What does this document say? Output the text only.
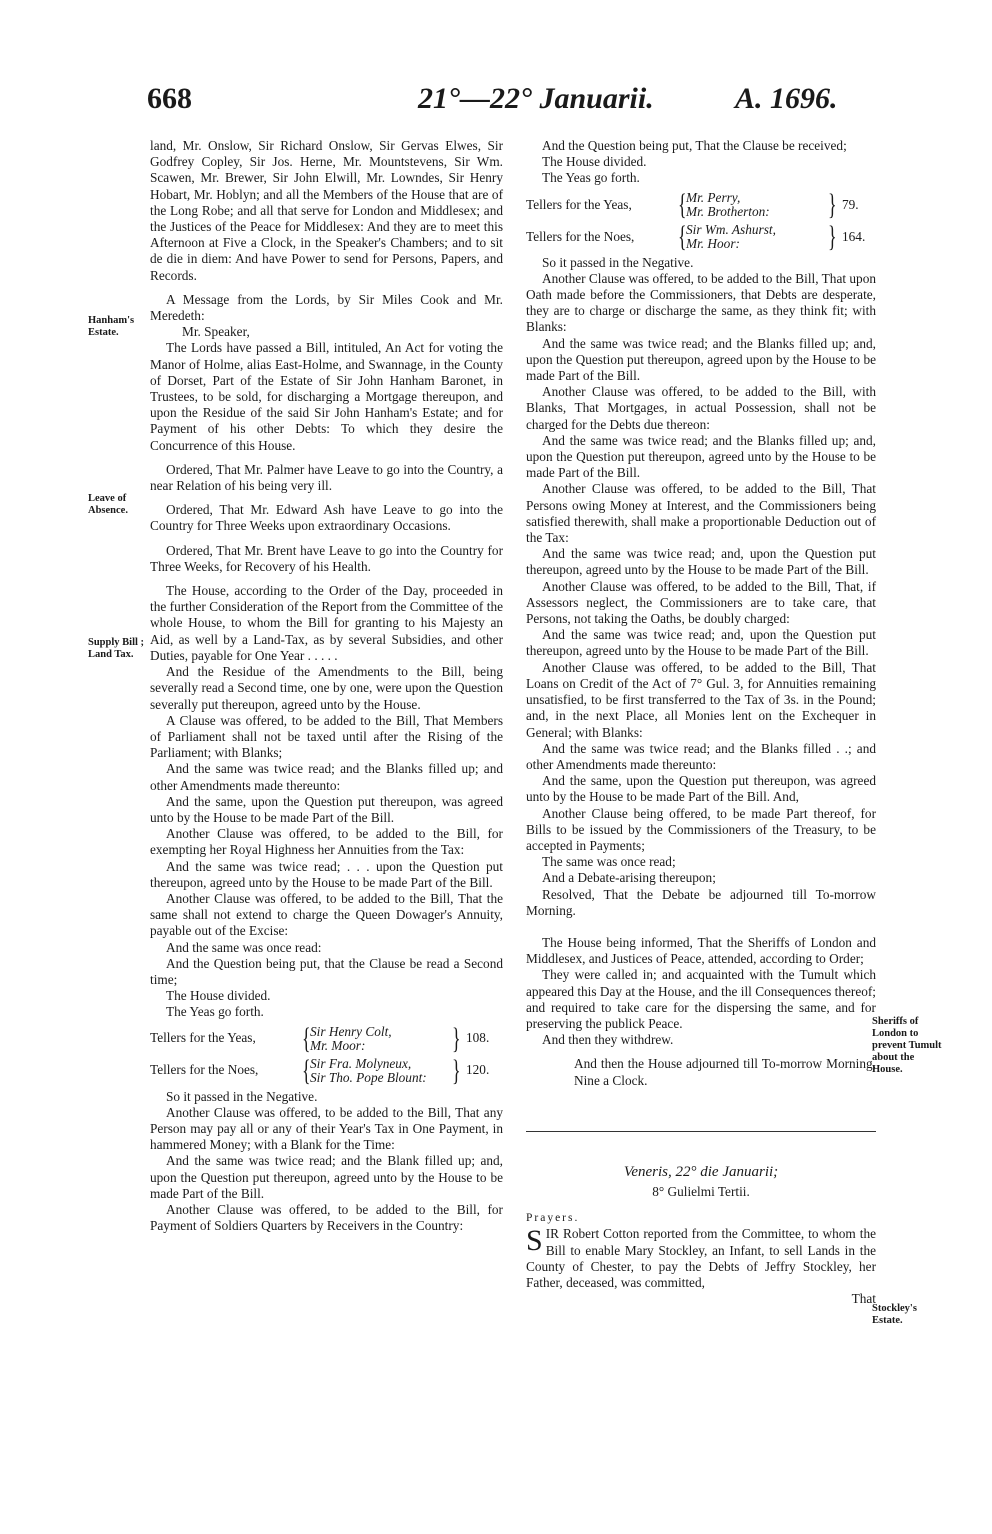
668	21°—22° Januarii.	A. 1696.
Hanham's Estate.
Leave of Absence.
Supply Bill ; Land Tax.
Sheriffs of London to prevent Tumult about the House.
Stockley's Estate.

land, Mr. Onslow, Sir Richard Onslow, Sir Gervas Elwes, Sir Godfrey Copley, Sir Jos. Herne, Mr. Mountstevens, Sir Wm. Scawen, Mr. Brewer, Sir John Elwill, Mr. Lowndes, Sir Henry Hobart, Mr. Hoblyn; and all the Members of the House that are of the Long Robe; and all that serve for London and Middlesex; and the Justices of the Peace for Middlesex: And they are to meet this Afternoon at Five a Clock, in the Speaker's Chambers; and to sit de die in diem: And have Power to send for Persons, Papers, and Records.

A Message from the Lords, by Sir Miles Cook and Mr. Meredeth:

Mr. Speaker,

The Lords have passed a Bill, intituled, An Act for voting the Manor of Holme, alias East-Holme, and Swannage, in the County of Dorset, Part of the Estate of Sir John Hanham Baronet, in Trustees, to be sold, for discharging a Mortgage thereupon, and upon the Residue of the said Sir John Hanham's Estate; and for Payment of his other Debts: To which they desire the Concurrence of this House.

Ordered, That Mr. Palmer have Leave to go into the Country, a near Relation of his being very ill.

Ordered, That Mr. Edward Ash have Leave to go into the Country for Three Weeks upon extraordinary Occasions.

Ordered, That Mr. Brent have Leave to go into the Country for Three Weeks, for Recovery of his Health.

The House, according to the Order of the Day, proceeded in the further Consideration of the Report from the Committee of the whole House, to whom the Bill for granting to his Majesty an Aid, as well by a Land-Tax, as by several Subsidies, and other Duties, payable for One Year . . . . .

And the Residue of the Amendments to the Bill, being severally read a Second time, one by one, were upon the Question severally put thereupon, agreed unto by the House.

A Clause was offered, to be added to the Bill, That Members of Parliament shall not be taxed until after the Rising of the Parliament; with Blanks;

And the same was twice read; and the Blanks filled up; and other Amendments made thereunto:

And the same, upon the Question put thereupon, was agreed unto by the House to be made Part of the Bill.

Another Clause was offered, to be added to the Bill, for exempting her Royal Highness her Annuities from the Tax:

And the same was twice read; . . . upon the Question put thereupon, agreed unto by the House to be made Part of the Bill.

Another Clause was offered, to be added to the Bill, That the same shall not extend to charge the Queen Dowager's Annuity, payable out of the Excise:

And the same was once read:

And the Question being put, that the Clause be read a Second time;

The House divided.

The Yeas go forth.

Tellers for the Yeas,	{ Sir Henry Colt,
Mr. Moor:	} 108.
Tellers for the Noes,	{ Sir Fra. Molyneux,
Sir Tho. Pope Blount: } 120.

So it passed in the Negative.

Another Clause was offered, to be added to the Bill, That any Person may pay all or any of their Year's Tax in One Payment, in hammered Money; with a Blank for the Time:

And the same was twice read; and the Blank filled up; and, upon the Question put thereupon, agreed unto by the House to be made Part of the Bill.

Another Clause was offered, to be added to the Bill, for Payment of Soldiers Quarters by Receivers in the Country:

And the Question being put, That the Clause be received;

The House divided.

The Yeas go forth.

Tellers for the Yeas,	{ Mr. Perry,
Mr. Brotherton:	} 79.
Tellers for the Noes,	{ Sir Wm. Ashurst,
Mr. Hoor:	} 164.

So it passed in the Negative.

Another Clause was offered, to be added to the Bill, That upon Oath made before the Commissioners, that Debts are desperate, they are to charge or discharge the same, as they think fit; with Blanks:

And the same was twice read; and the Blanks filled up; and, upon the Question put thereupon, agreed upon by the House to be made Part of the Bill.

Another Clause was offered, to be added to the Bill, with Blanks, That Mortgages, in actual Possession, shall not be charged for the Debts due thereon:

And the same was twice read; and the Blanks filled up; and, upon the Question put thereupon, agreed unto by the House to be made Part of the Bill.

Another Clause was offered, to be added to the Bill, That Persons owing Money at Interest, and the Commissioners being satisfied therewith, shall make a proportionable Deduction out of the Tax:

And the same was twice read; and, upon the Question put thereupon, agreed unto by the House to be made Part of the Bill.

Another Clause was offered, to be added to the Bill, That, if Assessors neglect, the Commissioners are to take care, that Persons, not taking the Oaths, be doubly charged:

And the same was twice read; and, upon the Question put thereupon, agreed unto by the House to be made Part of the Bill.

Another Clause was offered, to be added to the Bill, That Loans on Credit of the Act of 7° Gul. 3, for Annuities remaining unsatisfied, to be first transferred to the Tax of 3s. in the Pound; and, in the next Place, all Monies lent on the Exchequer in General; with Blanks:

And the same was twice read; and the Blanks filled . .; and other Amendments made thereunto:

And the same, upon the Question put thereupon, was agreed unto by the House to be made Part of the Bill. And,

Another Clause being offered, to be made Part thereof, for Bills to be issued by the Commissioners of the Treasury, to be accepted in Payments;

The same was once read;

And a Debate-arising thereupon;

Resolved, That the Debate be adjourned till To-morrow Morning.

The House being informed, That the Sheriffs of London and Middlesex, and Justices of Peace, attended, according to Order;

They were called in; and acquainted with the Tumult which appeared this Day at the House, and the ill Consequences thereof; and required to take care for the dispersing the same, and for preserving the publick Peace.

And then they withdrew.

And then the House adjourned till To-morrow Morning, Nine a Clock.

Veneris, 22° die Januarii;

8° Gulielmi Tertii.

Prayers.

SIR Robert Cotton reported from the Committee, to whom the Bill to enable Mary Stockley, an Infant, to sell Lands in the County of Chester, to pay the Debts of Jeffry Stockley, her Father, deceased, was committed,

That
